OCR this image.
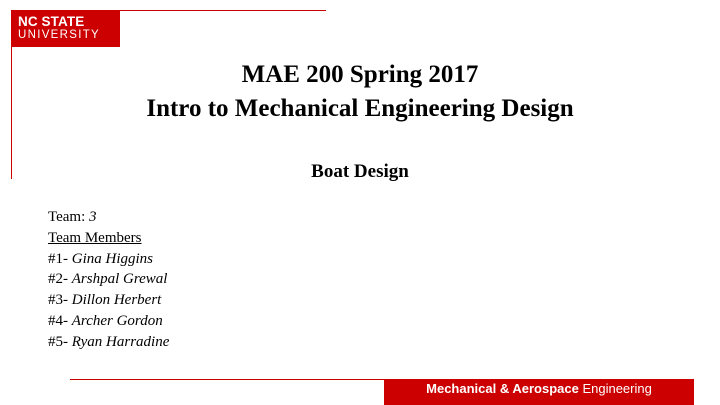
NC STATE
UNIVERSITY
MAE 200 Spring 2017
Intro to Mechanical Engineering Design
Boat Design
Team: 3
Team Members
#1- Gina Higgins
#2- Arshpal Grewal
#3- Dillon Herbert
#4- Archer Gordon
#5- Ryan Harradine
Mechanical & Aerospace Engineering
